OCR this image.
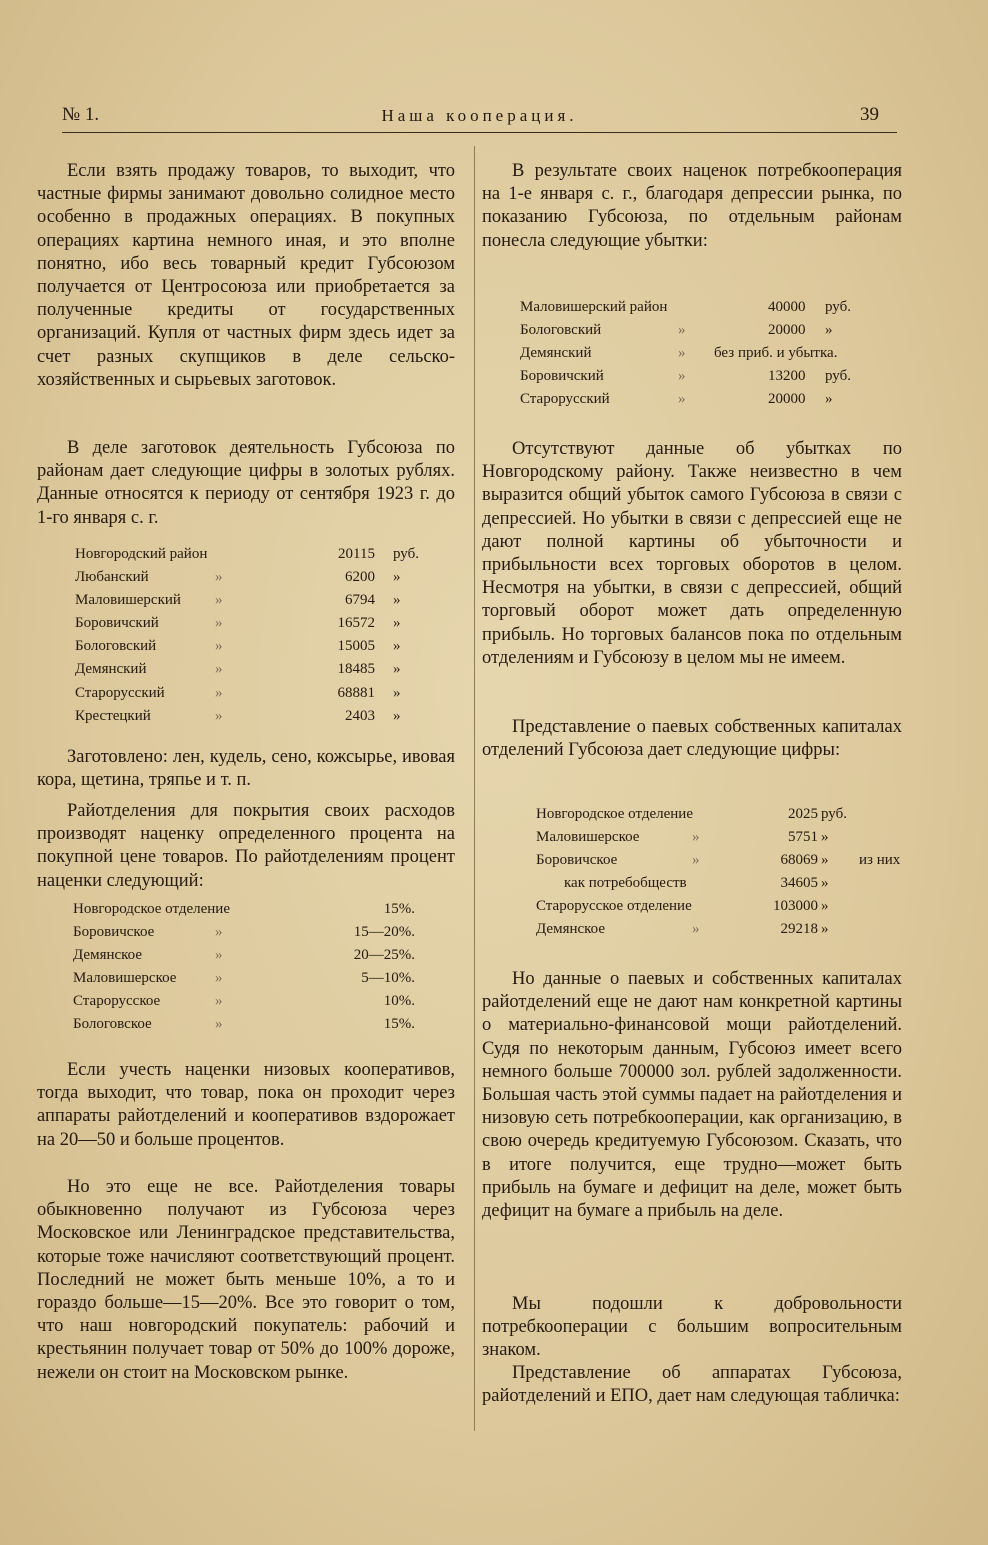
№ 1.	Наша кооперация.	39

Если взять продажу товаров, то выходит, что частные фирмы занимают довольно солидное место особенно в продажных операциях. В покупных операциях картина немного иная, и это вполне понятно, ибо весь товарный кредит Губсоюзом получается от Центросоюза или приобретается за полученные кредиты от государственных организаций. Купля от частных фирм здесь идет за счет разных скупщиков в деле сельско-хозяйственных и сырьевых заготовок.

В деле заготовок деятельность Губсоюза по районам дает следующие цифры в золотых рублях. Данные относятся к периоду от сентября 1923 г. до 1-го января с. г.

Новгородский район	20115 руб.
Любанский	»	6200 »
Маловишерский »	6794 »
Боровичский	»	16572 »
Бологовский	»	15005 »
Демянский	»	18485 »
Старорусский	»	68881 »
Крестецкий	»	2403 »

Заготовлено: лен, кудель, сено, кожсырье, ивовая кора, щетина, тряпье и т. п.

Райотделения для покрытия своих расходов производят наценку определенного процента на покупной цене товаров. По райотделениям процент наценки следующий:

Новгородское отделение	15%.
Боровичское	»	15—20%.
Демянское	»	20—25%.
Маловишерское	»	5—10%.
Старорусское	»	10%.
Бологовское	»	15%.

Если учесть наценки низовых кооперативов, тогда выходит, что товар, пока он проходит через аппараты райотделений и кооперативов вздорожает на 20—50 и больше процентов.

Но это еще не все. Райотделения товары обыкновенно получают из Губсоюза через Московское или Ленинградское представительства, которые тоже начисляют соответствующий процент. Последний не может быть меньше 10%, а то и гораздо больше—15—20%. Все это говорит о том, что наш новгородский покупатель: рабочий и крестьянин получает товар от 50% до 100% дороже, нежели он стоит на Московском рынке.

В результате своих наценок потребкооперация на 1-е января с. г., благодаря депрессии рынка, по показанию Губсоюза, по отдельным районам понесла следующие убытки:

Маловишерский район	40000 руб.
Бологовский	»	20000 »
Демянский	» без приб. и убытка.
Боровичский	»	13200 руб.
Старорусский	»	20000 »

Отсутствуют данные об убытках по Новгородскому району. Также неизвестно в чем выразится общий убыток самого Губсоюза в связи с депрессией. Но убытки в связи с депрессией еще не дают полной картины об убыточности и прибыльности всех торговых оборотов в целом. Несмотря на убытки, в связи с депрессией, общий торговый оборот может дать определенную прибыль. Но торговых балансов пока по отдельным отделениям и Губсоюзу в целом мы не имеем.

Представление о паевых собственных капиталах отделений Губсоюза дает следующие цифры:

Новгородское отделение	2025 руб.
Маловишерское	»	5751 »
Боровичское	»	68069 » из них
как потребобществ	34605 »
Старорусское отделение	103000 »
Демянское	»	29218 »

Но данные о паевых и собственных капиталах райотделений еще не дают нам конкретной картины о материально-финансовой мощи райотделений. Судя по некоторым данным, Губсоюз имеет всего немного больше 700000 зол. рублей задолженности. Большая часть этой суммы падает на райотделения и низовую сеть потребкооперации, как организацию, в свою очередь кредитуемую Губсоюзом. Сказать, что в итоге получится, еще трудно—может быть прибыль на бумаге и дефицит на деле, может быть дефицит на бумаге а прибыль на деле.

Мы подошли к добровольности потребкооперации с большим вопросительным знаком.

Представление об аппаратах Губсоюза, райотделений и ЕПО, дает нам следующая табличка:
